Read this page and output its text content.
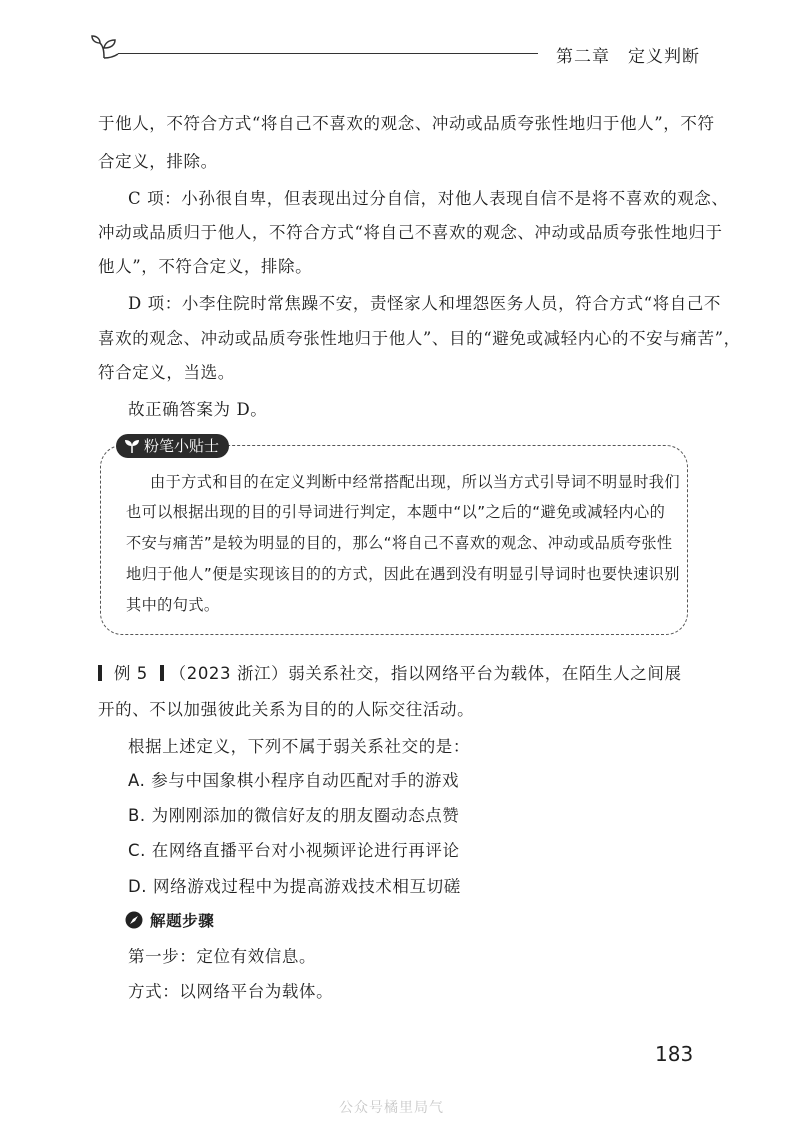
第二章　定义判断
于他人，不符合方式“将自己不喜欢的观念、冲动或品质夸张性地归于他人”，不符
合定义，排除。
C 项：小孙很自卑，但表现出过分自信，对他人表现自信不是将不喜欢的观念、
冲动或品质归于他人，不符合方式“将自己不喜欢的观念、冲动或品质夸张性地归于
他人”，不符合定义，排除。
D 项：小李住院时常焦躁不安，责怪家人和埋怨医务人员，符合方式“将自己不
喜欢的观念、冲动或品质夸张性地归于他人”、目的“避免或减轻内心的不安与痛苦”，
符合定义，当选。
故正确答案为 D。
粉笔小贴士
由于方式和目的在定义判断中经常搭配出现，所以当方式引导词不明显时我们
也可以根据出现的目的引导词进行判定，本题中“以”之后的“避免或减轻内心的
不安与痛苦”是较为明显的目的，那么“将自己不喜欢的观念、冲动或品质夸张性
地归于他人”便是实现该目的的方式，因此在遇到没有明显引导词时也要快速识别
其中的句式。
例 5 （2023 浙江）弱关系社交，指以网络平台为载体，在陌生人之间展
开的、不以加强彼此关系为目的的人际交往活动。
根据上述定义，下列不属于弱关系社交的是：
A. 参与中国象棋小程序自动匹配对手的游戏
B. 为刚刚添加的微信好友的朋友圈动态点赞
C. 在网络直播平台对小视频评论进行再评论
D. 网络游戏过程中为提高游戏技术相互切磋
解题步骤
第一步：定位有效信息。
方式：以网络平台为载体。
183
公众号橘里局气
